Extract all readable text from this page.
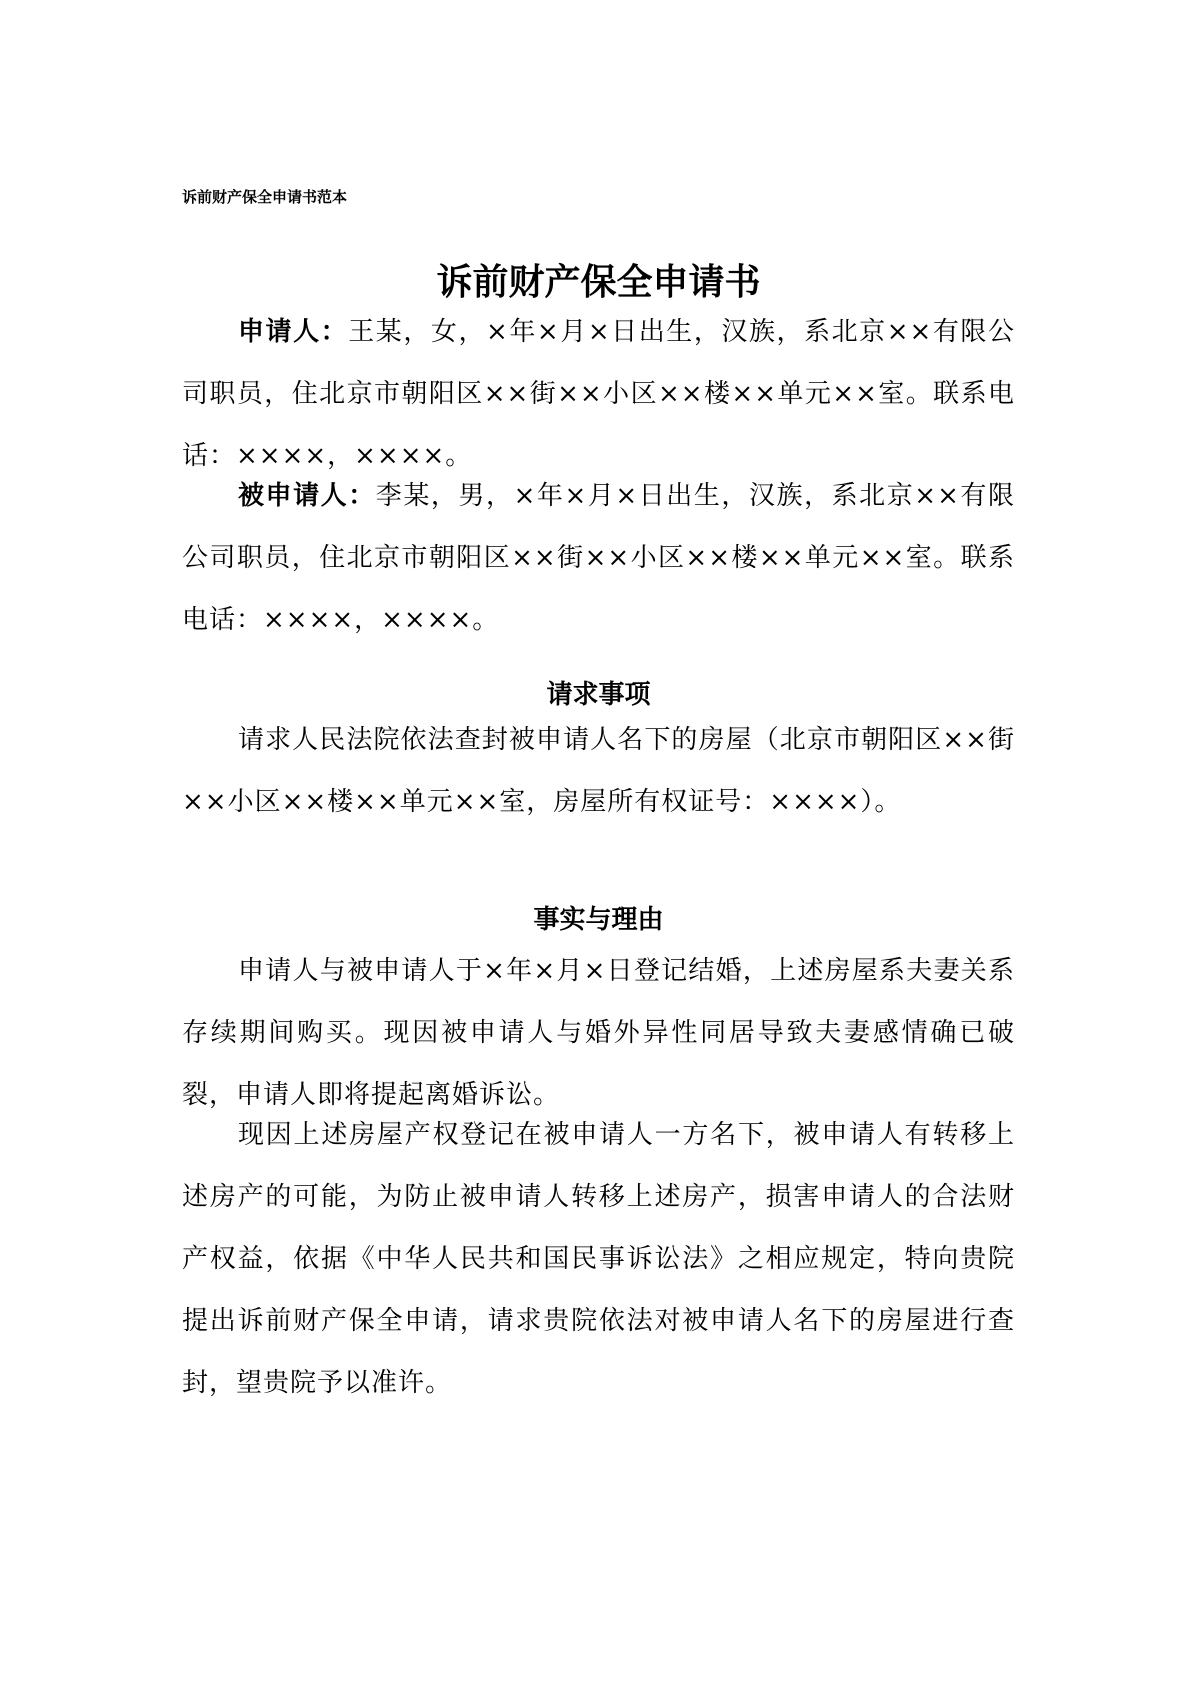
诉前财产保全申请书范本
诉前财产保全申请书

申请人：王某，女，×年×月×日出生，汉族，系北京××有限公司职员，住北京市朝阳区××街××小区××楼××单元××室。联系电话：××××，××××。

被申请人：李某，男，×年×月×日出生，汉族，系北京××有限公司职员，住北京市朝阳区××街××小区××楼××单元××室。联系电话：××××，××××。

请求事项

请求人民法院依法查封被申请人名下的房屋（北京市朝阳区××街××小区××楼××单元××室，房屋所有权证号：××××）。

事实与理由

申请人与被申请人于×年×月×日登记结婚，上述房屋系夫妻关系存续期间购买。现因被申请人与婚外异性同居导致夫妻感情确已破裂，申请人即将提起离婚诉讼。

现因上述房屋产权登记在被申请人一方名下，被申请人有转移上述房产的可能，为防止被申请人转移上述房产，损害申请人的合法财产权益，依据《中华人民共和国民事诉讼法》之相应规定，特向贵院提出诉前财产保全申请，请求贵院依法对被申请人名下的房屋进行查封，望贵院予以准许。
